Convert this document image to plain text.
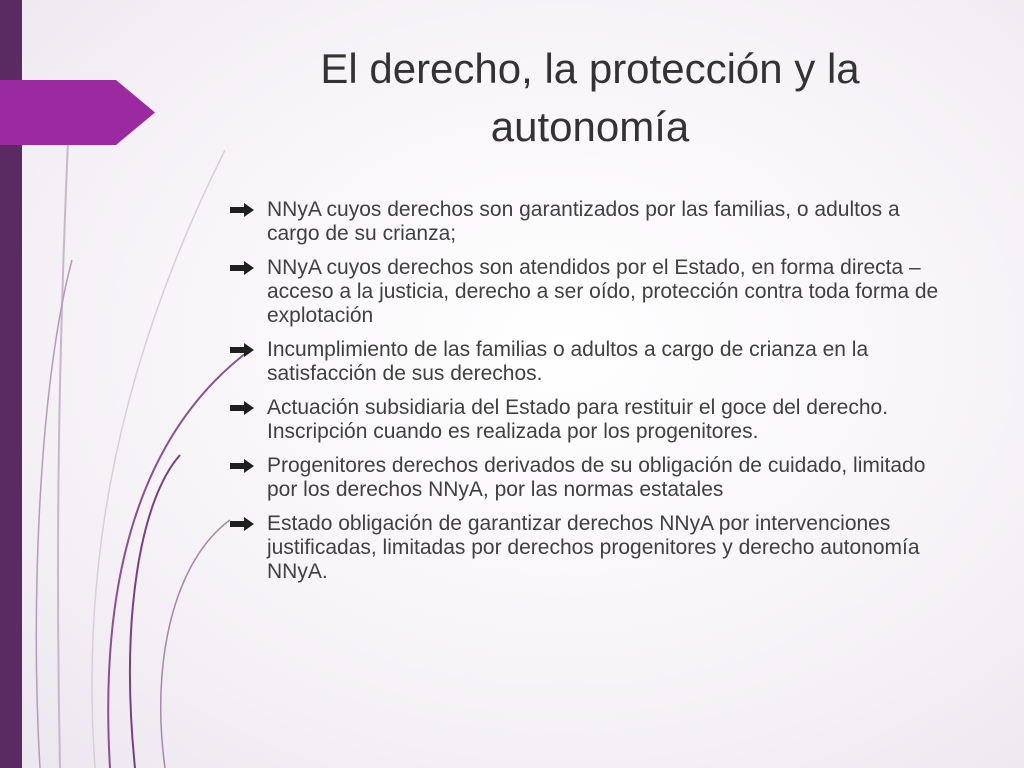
El derecho, la protección y la
autonomía
NNyA cuyos derechos son garantizados por las familias, o adultos a cargo de su crianza;
NNyA cuyos derechos son atendidos por el Estado, en forma directa – acceso a la justicia, derecho a ser oído, protección contra toda forma de explotación
Incumplimiento de las familias o adultos a cargo de crianza en la satisfacción de sus derechos.
Actuación subsidiaria del Estado para restituir el goce del derecho. Inscripción cuando es realizada por los progenitores.
Progenitores derechos derivados de su obligación de cuidado, limitado por los derechos NNyA, por las normas estatales
Estado obligación de garantizar derechos NNyA por intervenciones justificadas, limitadas por derechos progenitores y derecho autonomía NNyA.
